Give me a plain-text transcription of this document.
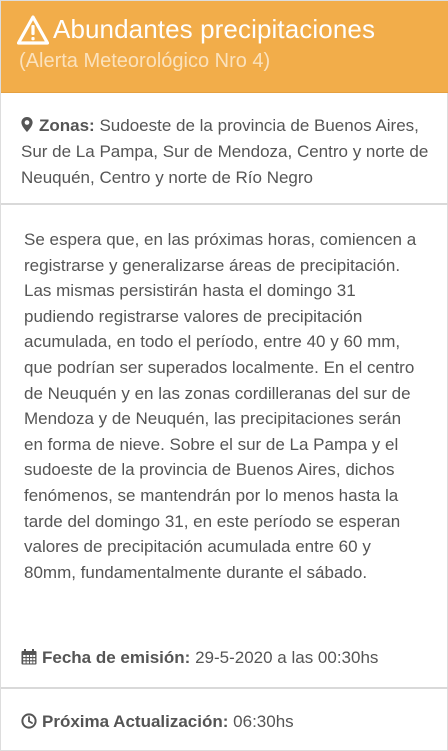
Abundantes precipitaciones
(Alerta Meteorológico Nro 4)
Zonas: Sudoeste de la provincia de Buenos Aires, Sur de La Pampa, Sur de Mendoza, Centro y norte de Neuquén, Centro y norte de Río Negro
Se espera que, en las próximas horas, comiencen a registrarse y generalizarse áreas de precipitación. Las mismas persistirán hasta el domingo 31 pudiendo registrarse valores de precipitación acumulada, en todo el período, entre 40 y 60 mm, que podrían ser superados localmente. En el centro de Neuquén y en las zonas cordilleranas del sur de Mendoza y de Neuquén, las precipitaciones serán en forma de nieve. Sobre el sur de La Pampa y el sudoeste de la provincia de Buenos Aires, dichos fenómenos, se mantendrán por lo menos hasta la tarde del domingo 31, en este período se esperan valores de precipitación acumulada entre 60 y 80mm, fundamentalmente durante el sábado.
Fecha de emisión: 29-5-2020 a las 00:30hs
Próxima Actualización: 06:30hs
